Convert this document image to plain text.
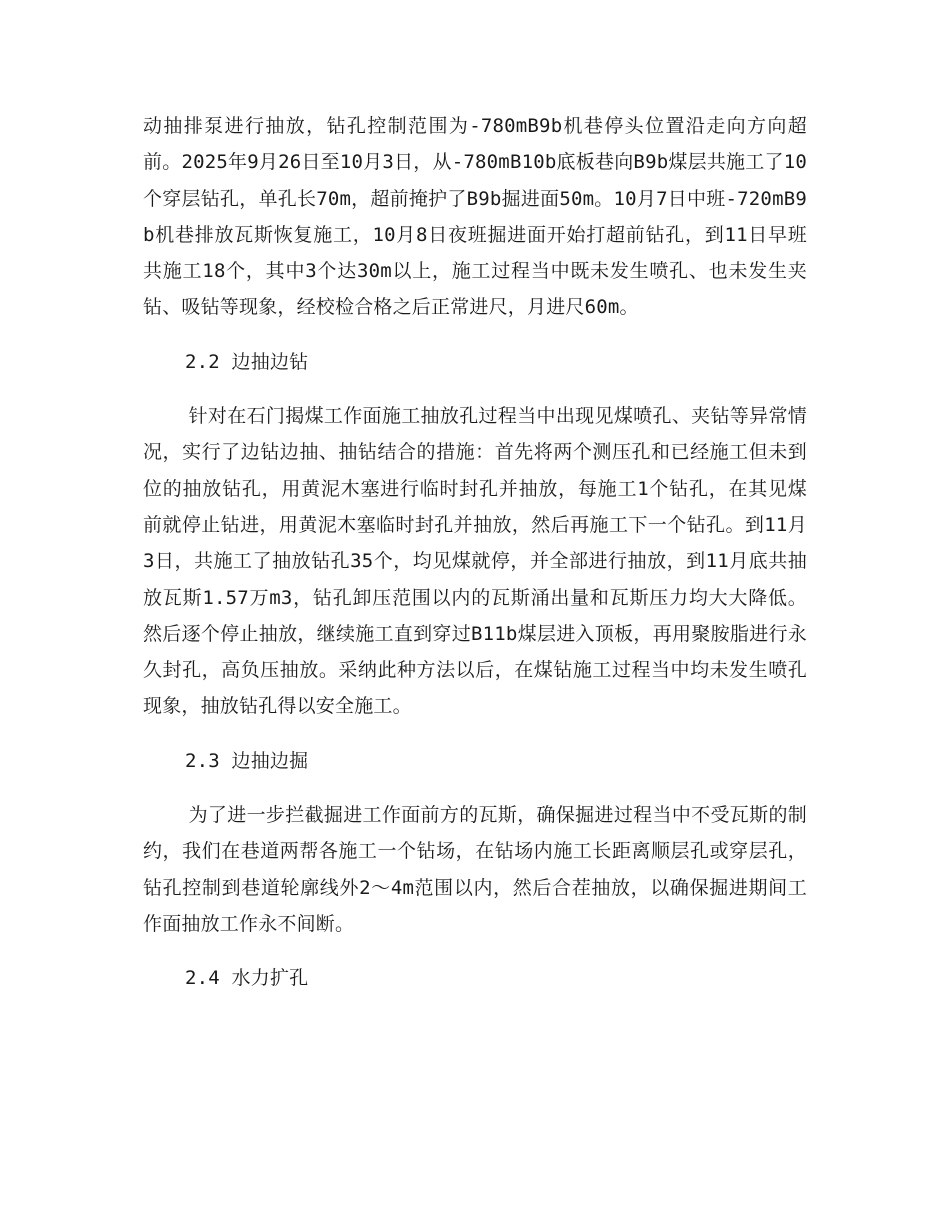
动抽排泵进行抽放，钻孔控制范围为-780mB9b机巷停头位置沿走向方向超前。2025年9月26日至10月3日，从-780mB10b底板巷向B9b煤层共施工了10个穿层钻孔，单孔长70m，超前掩护了B9b掘进面50m。10月7日中班-720mB9b机巷排放瓦斯恢复施工，10月8日夜班掘进面开始打超前钻孔，到11日早班共施工18个，其中3个达30m以上，施工过程当中既未发生喷孔、也未发生夹钻、吸钻等现象，经校检合格之后正常进尺，月进尺60m。

2.2 边抽边钻

针对在石门揭煤工作面施工抽放孔过程当中出现见煤喷孔、夹钻等异常情况，实行了边钻边抽、抽钻结合的措施：首先将两个测压孔和已经施工但未到位的抽放钻孔，用黄泥木塞进行临时封孔并抽放，每施工1个钻孔，在其见煤前就停止钻进，用黄泥木塞临时封孔并抽放，然后再施工下一个钻孔。到11月3日，共施工了抽放钻孔35个，均见煤就停，并全部进行抽放，到11月底共抽放瓦斯1.57万m3，钻孔卸压范围以内的瓦斯涌出量和瓦斯压力均大大降低。然后逐个停止抽放，继续施工直到穿过B11b煤层进入顶板，再用聚胺脂进行永久封孔，高负压抽放。采纳此种方法以后，在煤钻施工过程当中均未发生喷孔现象，抽放钻孔得以安全施工。

2.3 边抽边掘

为了进一步拦截掘进工作面前方的瓦斯，确保掘进过程当中不受瓦斯的制约，我们在巷道两帮各施工一个钻场，在钻场内施工长距离顺层孔或穿层孔，钻孔控制到巷道轮廓线外2～4m范围以内，然后合茬抽放，以确保掘进期间工作面抽放工作永不间断。

2.4 水力扩孔
